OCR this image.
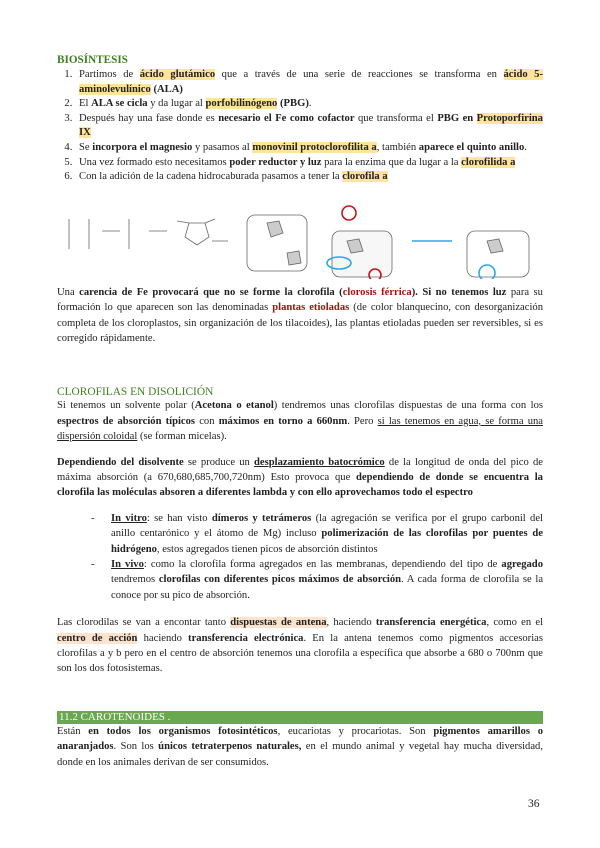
BIOSÍNTESIS
1. Partimos de ácido glutámico que a través de una serie de reacciones se transforma en ácido 5-aminolevulínico (ALA)
2. El ALA se cicla y da lugar al porfobilinógeno (PBG).
3. Después hay una fase donde es necesario el Fe como cofactor que transforma el PBG en Protoporfirina IX
4. Se incorpora el magnesio y pasamos al monovinil protoclorofilita a, también aparece el quinto anillo.
5. Una vez formado esto necesitamos poder reductor y luz para la enzima que da lugar a la clorofilida a
6. Con la adición de la cadena hidrocaburada pasamos a tener la clorofila a

Una carencia de Fe provocará que no se forme la clorofila (clorosis férrica). Si no tenemos luz para su formación lo que aparecen son las denominadas plantas etioladas (de color blanquecino, con desorganización completa de los cloroplastos, sin organización de los tilacoides), las plantas etioladas pueden ser reversibles, si es corregido rápidamente.

CLOROFILAS EN DISOLICIÓN

Si tenemos un solvente polar (Acetona o etanol) tendremos unas clorofilas dispuestas de una forma con los espectros de absorción típicos con máximos en torno a 660nm. Pero si las tenemos en agua, se forma una dispersión coloidal (se forman micelas).

Dependiendo del disolvente se produce un desplazamiento batocrómico de la longitud de onda del pico de máxima absorción (a 670,680,685,700,720nm) Esto provoca que dependiendo de donde se encuentra la clorofila las moléculas absoren a diferentes lambda y con ello aprovechamos todo el espectro

- In vitro: se han visto dímeros y tetrámeros (la agregación se verifica por el grupo carbonil del anillo centarónico y el átomo de Mg) incluso polimerización de las clorofilas por puentes de hidrógeno, estos agregados tienen picos de absorción distintos
- In vivo: como la clorofila forma agregados en las membranas, dependiendo del tipo de agregado tendremos clorofilas con diferentes picos máximos de absorción. A cada forma de clorofila se la conoce por su pico de absorción.

Las clorodilas se van a encontar tanto dispuestas de antena, haciendo transferencia energética, como en el centro de acción haciendo transferencia electrónica. En la antena tenemos como pigmentos accesorias clorofilas a y b pero en el centro de absorción tenemos una clorofila a específica que absorbe a 680 o 700nm que son los dos fotosistemas.

11.2 CAROTENOIDES .

Están en todos los organismos fotosintéticos, eucariotas y procariotas. Son pigmentos amarillos o anaranjados. Son los únicos tetraterpenos naturales, en el mundo animal y vegetal hay mucha diversidad, donde en los animales derivan de ser consumidos.

36
